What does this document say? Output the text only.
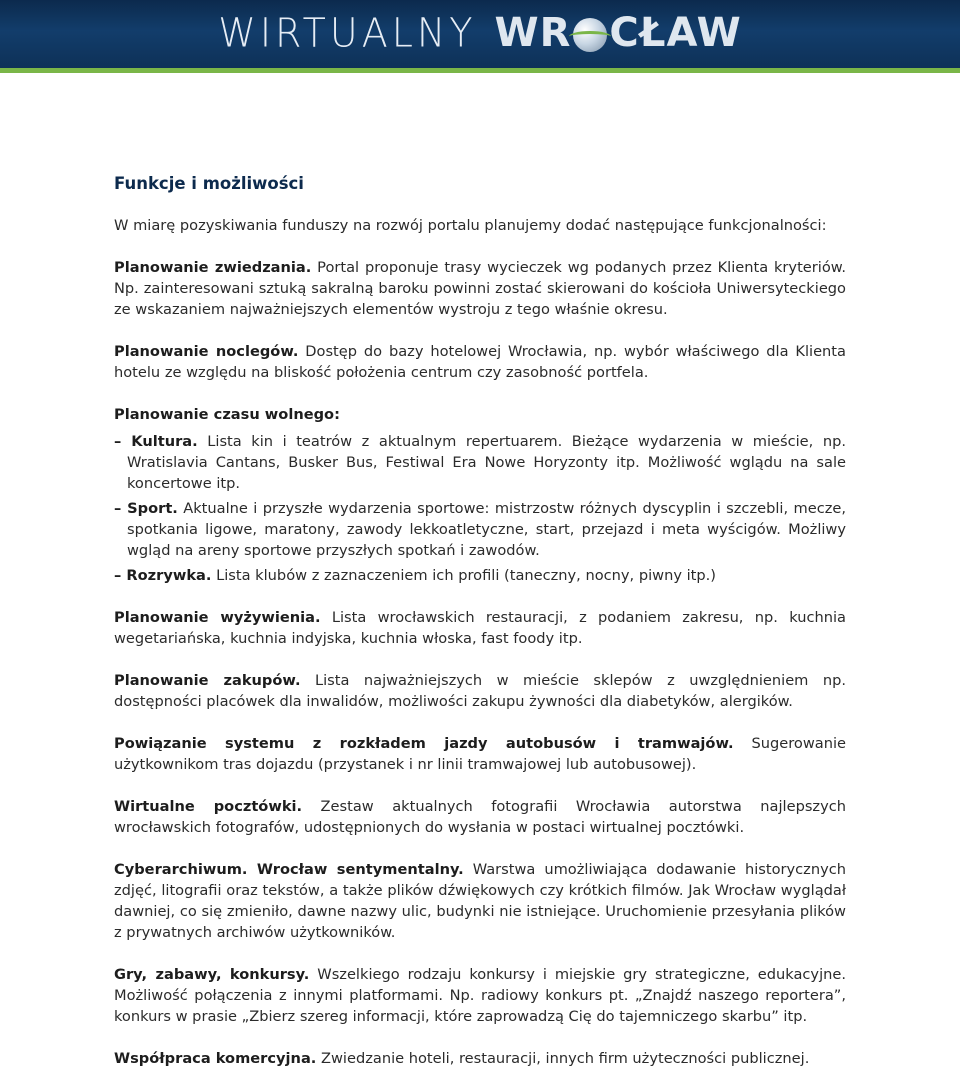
WIRTUALNY WR CŁAW
Funkcje i możliwości

W miarę pozyskiwania funduszy na rozwój portalu planujemy dodać następujące funkcjonalności:

Planowanie zwiedzania. Portal proponuje trasy wycieczek wg podanych przez Klienta kryteriów. Np. zainteresowani sztuką sakralną baroku powinni zostać skierowani do kościoła Uniwersyteckiego ze wskazaniem najważniejszych elementów wystroju z tego właśnie okresu.

Planowanie noclegów. Dostęp do bazy hotelowej Wrocławia, np. wybór właściwego dla Klienta hotelu ze względu na bliskość położenia centrum czy zasobność portfela.

Planowanie czasu wolnego:

– Kultura. Lista kin i teatrów z aktualnym repertuarem. Bieżące wydarzenia w mieście, np. Wratislavia Cantans, Busker Bus, Festiwal Era Nowe Horyzonty itp. Możliwość wglądu na sale koncertowe itp.

– Sport. Aktualne i przyszłe wydarzenia sportowe: mistrzostw różnych dyscyplin i szczebli, mecze, spotkania ligowe, maratony, zawody lekkoatletyczne, start, przejazd i meta wyścigów. Możliwy wgląd na areny sportowe przyszłych spotkań i zawodów.

– Rozrywka. Lista klubów z zaznaczeniem ich profili (taneczny, nocny, piwny itp.)

Planowanie wyżywienia. Lista wrocławskich restauracji, z podaniem zakresu, np. kuchnia wegetariańska, kuchnia indyjska, kuchnia włoska, fast foody itp.

Planowanie zakupów. Lista najważniejszych w mieście sklepów z uwzględnieniem np. dostępności placówek dla inwalidów, możliwości zakupu żywności dla diabetyków, alergików.

Powiązanie systemu z rozkładem jazdy autobusów i tramwajów. Sugerowanie użytkownikom tras dojazdu (przystanek i nr linii tramwajowej lub autobusowej).

Wirtualne pocztówki. Zestaw aktualnych fotografii Wrocławia autorstwa najlepszych wrocławskich fotografów, udostępnionych do wysłania w postaci wirtualnej pocztówki.

Cyberarchiwum. Wrocław sentymentalny. Warstwa umożliwiająca dodawanie historycznych zdjęć, litografii oraz tekstów, a także plików dźwiękowych czy krótkich filmów. Jak Wrocław wyglądał dawniej, co się zmieniło, dawne nazwy ulic, budynki nie istniejące. Uruchomienie przesyłania plików z prywatnych archiwów użytkowników.

Gry, zabawy, konkursy. Wszelkiego rodzaju konkursy i miejskie gry strategiczne, edukacyjne. Możliwość połączenia z innymi platformami. Np. radiowy konkurs pt. „Znajdź naszego reportera”, konkurs w prasie „Zbierz szereg informacji, które zaprowadzą Cię do tajemniczego skarbu” itp.

Współpraca komercyjna. Zwiedzanie hoteli, restauracji, innych firm użyteczności publicznej.
